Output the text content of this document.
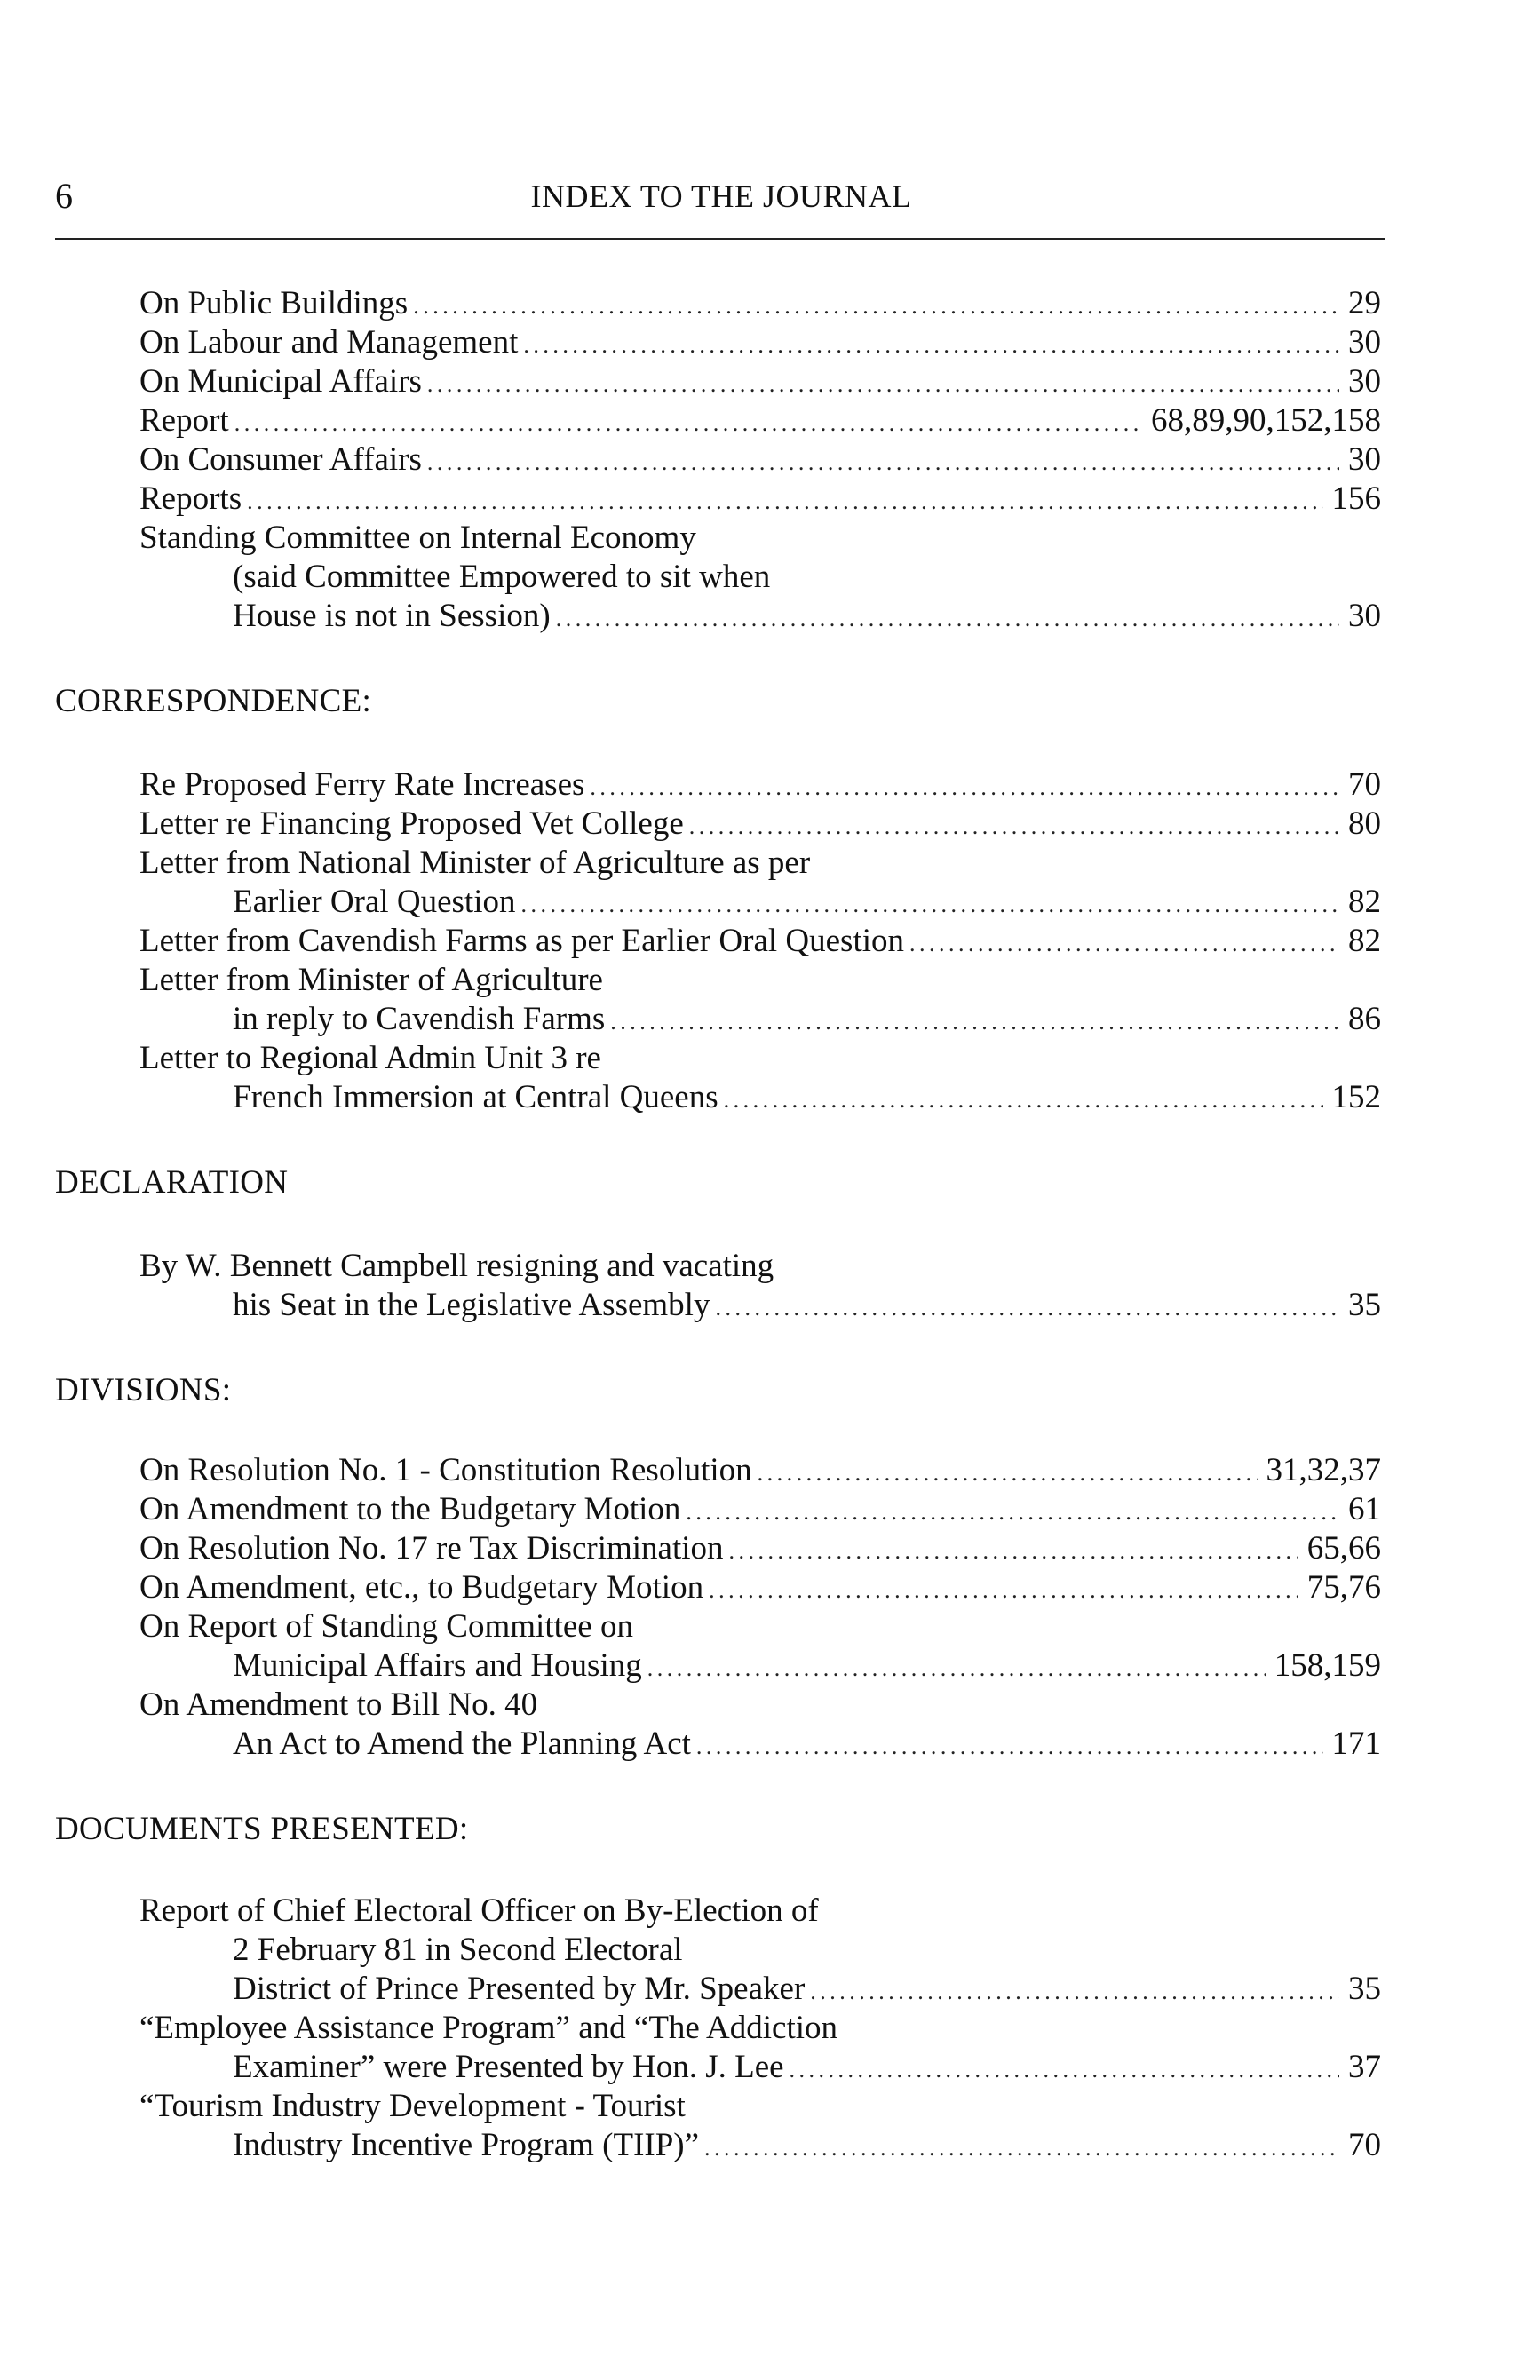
6	INDEX TO THE JOURNAL
On Public Buildings . . .	29
On Labour and Management . . .	30
On Municipal Affairs . . .	30
Report . . .	68,89,90,152,158
On Consumer Affairs . . .	30
Reports . . .	156
Standing Committee on Internal Economy
(said Committee Empowered to sit when
House is not in Session) . . .	30
CORRESPONDENCE:
Re Proposed Ferry Rate Increases . . .	70
Letter re Financing Proposed Vet College . . .	80
Letter from National Minister of Agriculture as per
Earlier Oral Question . . .	82
Letter from Cavendish Farms as per Earlier Oral Question . . .	82
Letter from Minister of Agriculture
in reply to Cavendish Farms . . .	86
Letter to Regional Admin Unit 3 re
French Immersion at Central Queens . . .	152
DECLARATION
By W. Bennett Campbell resigning and vacating
his Seat in the Legislative Assembly . . .	35
DIVISIONS:
On Resolution No. 1 - Constitution Resolution . . .	31,32,37
On Amendment to the Budgetary Motion . . .	61
On Resolution No. 17 re Tax Discrimination . . .	65,66
On Amendment, etc., to Budgetary Motion . . .	75,76
On Report of Standing Committee on
Municipal Affairs and Housing . . .	158,159
On Amendment to Bill No. 40
An Act to Amend the Planning Act . . .	171
DOCUMENTS PRESENTED:
Report of Chief Electoral Officer on By-Election of
2 February 81 in Second Electoral
District of Prince Presented by Mr. Speaker . . .	35
“Employee Assistance Program” and “The Addiction
Examiner” were Presented by Hon. J. Lee . . .	37
“Tourism Industry Development - Tourist
Industry Incentive Program (TIIP)” . . .	70
